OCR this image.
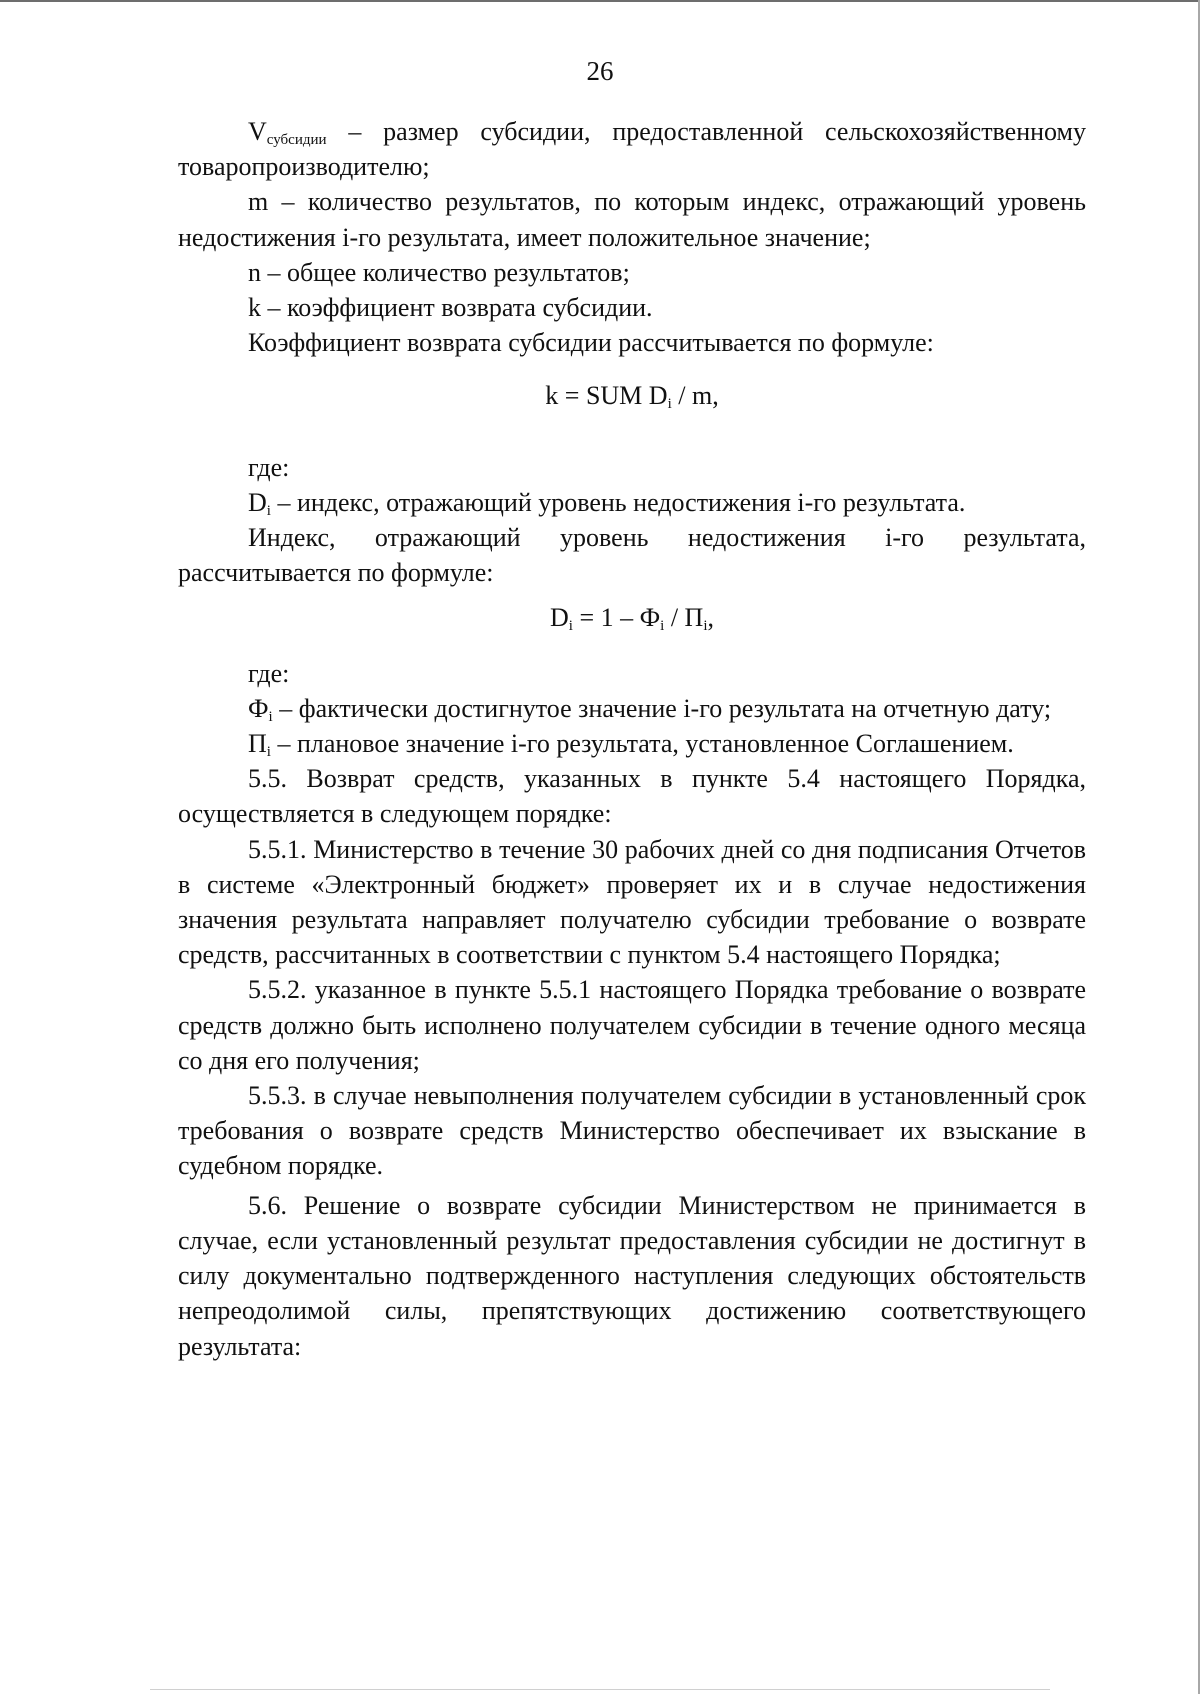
26

$V_{субсидии}$ – размер субсидии, предоставленной сельскохозяйственному товаропроизводителю;

m – количество результатов, по которым индекс, отражающий уровень недостижения i-го результата, имеет положительное значение;

n – общее количество результатов;

k – коэффициент возврата субсидии.

Коэффициент возврата субсидии рассчитывается по формуле:

k = SUM $D_i$ / m,

где:

$D_i$ – индекс, отражающий уровень недостижения i-го результата.

Индекс, отражающий уровень недостижения i-го результата, рассчитывается по формуле:

$D_i = 1 - Ф_i / П_i$,

где:

$Ф_i$ – фактически достигнутое значение i-го результата на отчетную дату;

$П_i$ – плановое значение i-го результата, установленное Соглашением.

5.5. Возврат средств, указанных в пункте 5.4 настоящего Порядка, осуществляется в следующем порядке:

5.5.1. Министерство в течение 30 рабочих дней со дня подписания Отчетов в системе «Электронный бюджет» проверяет их и в случае недостижения значения результата направляет получателю субсидии требование о возврате средств, рассчитанных в соответствии с пунктом 5.4 настоящего Порядка;

5.5.2. указанное в пункте 5.5.1 настоящего Порядка требование о возврате средств должно быть исполнено получателем субсидии в течение одного месяца со дня его получения;

5.5.3. в случае невыполнения получателем субсидии в установленный срок требования о возврате средств Министерство обеспечивает их взыскание в судебном порядке.

5.6. Решение о возврате субсидии Министерством не принимается в случае, если установленный результат предоставления субсидии не достигнут в силу документально подтвержденного наступления следующих обстоятельств непреодолимой силы, препятствующих достижению соответствующего результата:
